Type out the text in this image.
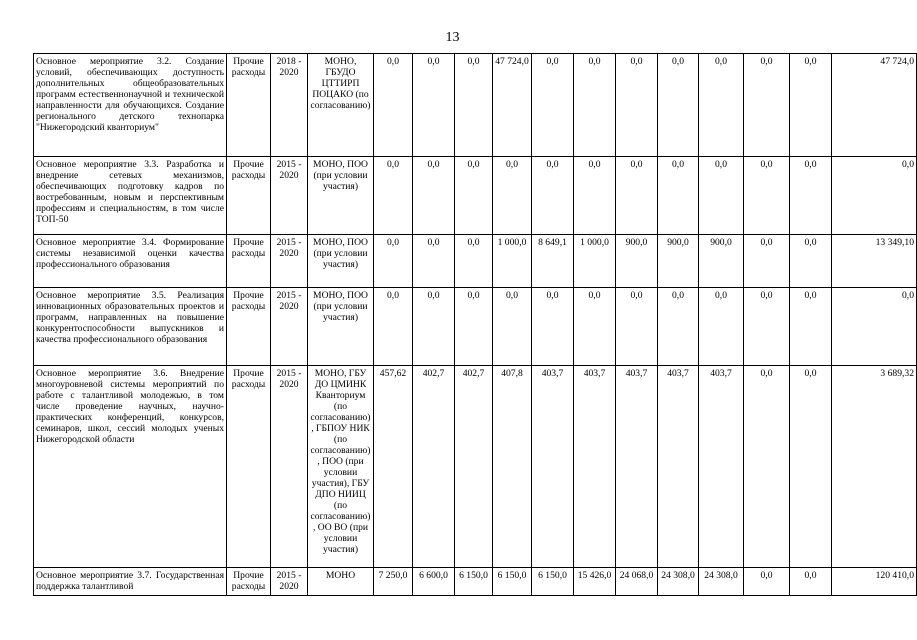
13
Основное мероприятие 3.2. Создание условий, обеспечивающих доступность дополнительных общеобразовательных программ естественнонаучной и технической направленности для обучающихся. Создание регионального детского технопарка "Нижегородский кванториум"	Прочие расходы	2018 - 2020	МОНО, ГБУДО ЦТТИРП ПОЦАКО (по согласованию)	0,0	0,0	0,0	47 724,0	0,0	0,0	0,0	0,0	0,0	0,0	0,0	47 724,0
Основное мероприятие 3.3. Разработка и внедрение сетевых механизмов, обеспечивающих подготовку кадров по востребованным, новым и перспективным профессиям и специальностям, в том числе ТОП-50	Прочие расходы	2015 - 2020	МОНО, ПОО (при условии участия)	0,0	0,0	0,0	0,0	0,0	0,0	0,0	0,0	0,0	0,0	0,0	0,0
Основное мероприятие 3.4. Формирование системы независимой оценки качества профессионального образования	Прочие расходы	2015 - 2020	МОНО, ПОО (при условии участия)	0,0	0,0	0,0	1 000,0	8 649,1	1 000,0	900,0	900,0	900,0	0,0	0,0	13 349,10
Основное мероприятие 3.5. Реализация инновационных образовательных проектов и программ, направленных на повышение конкурентоспособности выпускников и качества профессионального образования	Прочие расходы	2015 - 2020	МОНО, ПОО (при условии участия)	0,0	0,0	0,0	0,0	0,0	0,0	0,0	0,0	0,0	0,0	0,0	0,0
Основное мероприятие 3.6. Внедрение многоуровневой системы мероприятий по работе с талантливой молодежью, в том числе проведение научных, научно-практических конференций, конкурсов, семинаров, школ, сессий молодых ученых Нижегородской области	Прочие расходы	2015 - 2020	МОНО, ГБУ ДО ЦМИНК Кванториум (по согласованию), ГБПОУ НИК (по согласованию), ПОО (при условии участия), ГБУ ДПО НИИЦ (по согласованию), ОО ВО (при условии участия)	457,62	402,7	402,7	407,8	403,7	403,7	403,7	403,7	403,7	0,0	0,0	3 689,32
Основное мероприятие 3.7. Государственная поддержка талантливой	Прочие расходы	2015 - 2020	МОНО	7 250,0	6 600,0	6 150,0	6 150,0	6 150,0	15 426,0	24 068,0	24 308,0	24 308,0	0,0	0,0	120 410,0
